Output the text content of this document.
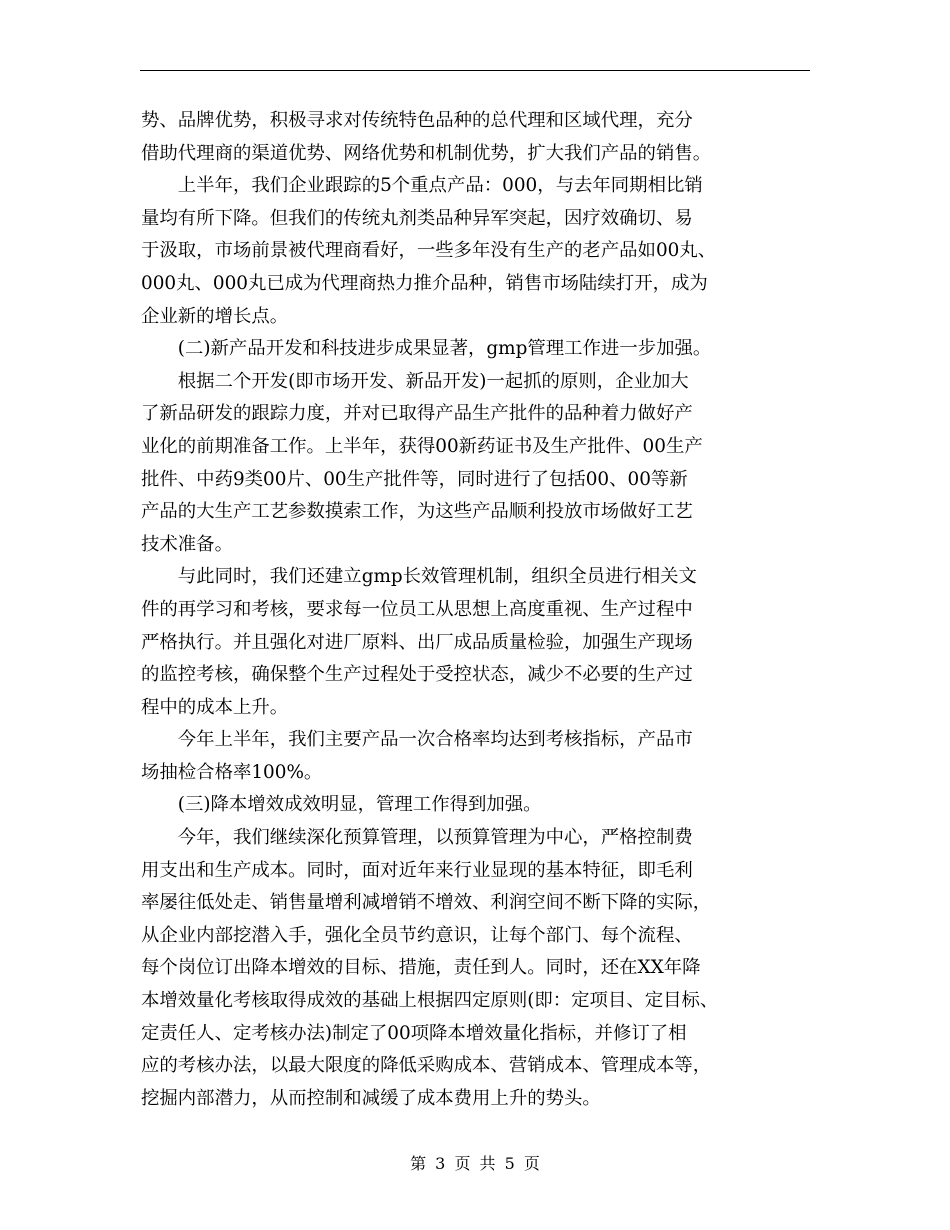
势、品牌优势，积极寻求对传统特色品种的总代理和区域代理，充分
借助代理商的渠道优势、网络优势和机制优势，扩大我们产品的销售。
　　上半年，我们企业跟踪的5个重点产品：000，与去年同期相比销
量均有所下降。但我们的传统丸剂类品种异军突起，因疗效确切、易
于汲取，市场前景被代理商看好，一些多年没有生产的老产品如00丸、
000丸、000丸已成为代理商热力推介品种，销售市场陆续打开，成为
企业新的增长点。
　　(二)新产品开发和科技进步成果显著，gmp管理工作进一步加强。
　　根据二个开发(即市场开发、新品开发)一起抓的原则，企业加大
了新品研发的跟踪力度，并对已取得产品生产批件的品种着力做好产
业化的前期准备工作。上半年，获得00新药证书及生产批件、00生产
批件、中药9类00片、00生产批件等，同时进行了包括00、00等新
产品的大生产工艺参数摸索工作，为这些产品顺利投放市场做好工艺
技术准备。
　　与此同时，我们还建立gmp长效管理机制，组织全员进行相关文
件的再学习和考核，要求每一位员工从思想上高度重视、生产过程中
严格执行。并且强化对进厂原料、出厂成品质量检验，加强生产现场
的监控考核，确保整个生产过程处于受控状态，减少不必要的生产过
程中的成本上升。
　　今年上半年，我们主要产品一次合格率均达到考核指标，产品市
场抽检合格率100%。
　　(三)降本增效成效明显，管理工作得到加强。
　　今年，我们继续深化预算管理，以预算管理为中心，严格控制费
用支出和生产成本。同时，面对近年来行业显现的基本特征，即毛利
率屡往低处走、销售量增利减增销不增效、利润空间不断下降的实际，
从企业内部挖潜入手，强化全员节约意识，让每个部门、每个流程、
每个岗位订出降本增效的目标、措施，责任到人。同时，还在XX年降
本增效量化考核取得成效的基础上根据四定原则(即：定项目、定目标、
定责任人、定考核办法)制定了00项降本增效量化指标，并修订了相
应的考核办法，以最大限度的降低采购成本、营销成本、管理成本等，
挖掘内部潜力，从而控制和减缓了成本费用上升的势头。
第 3 页 共 5 页
